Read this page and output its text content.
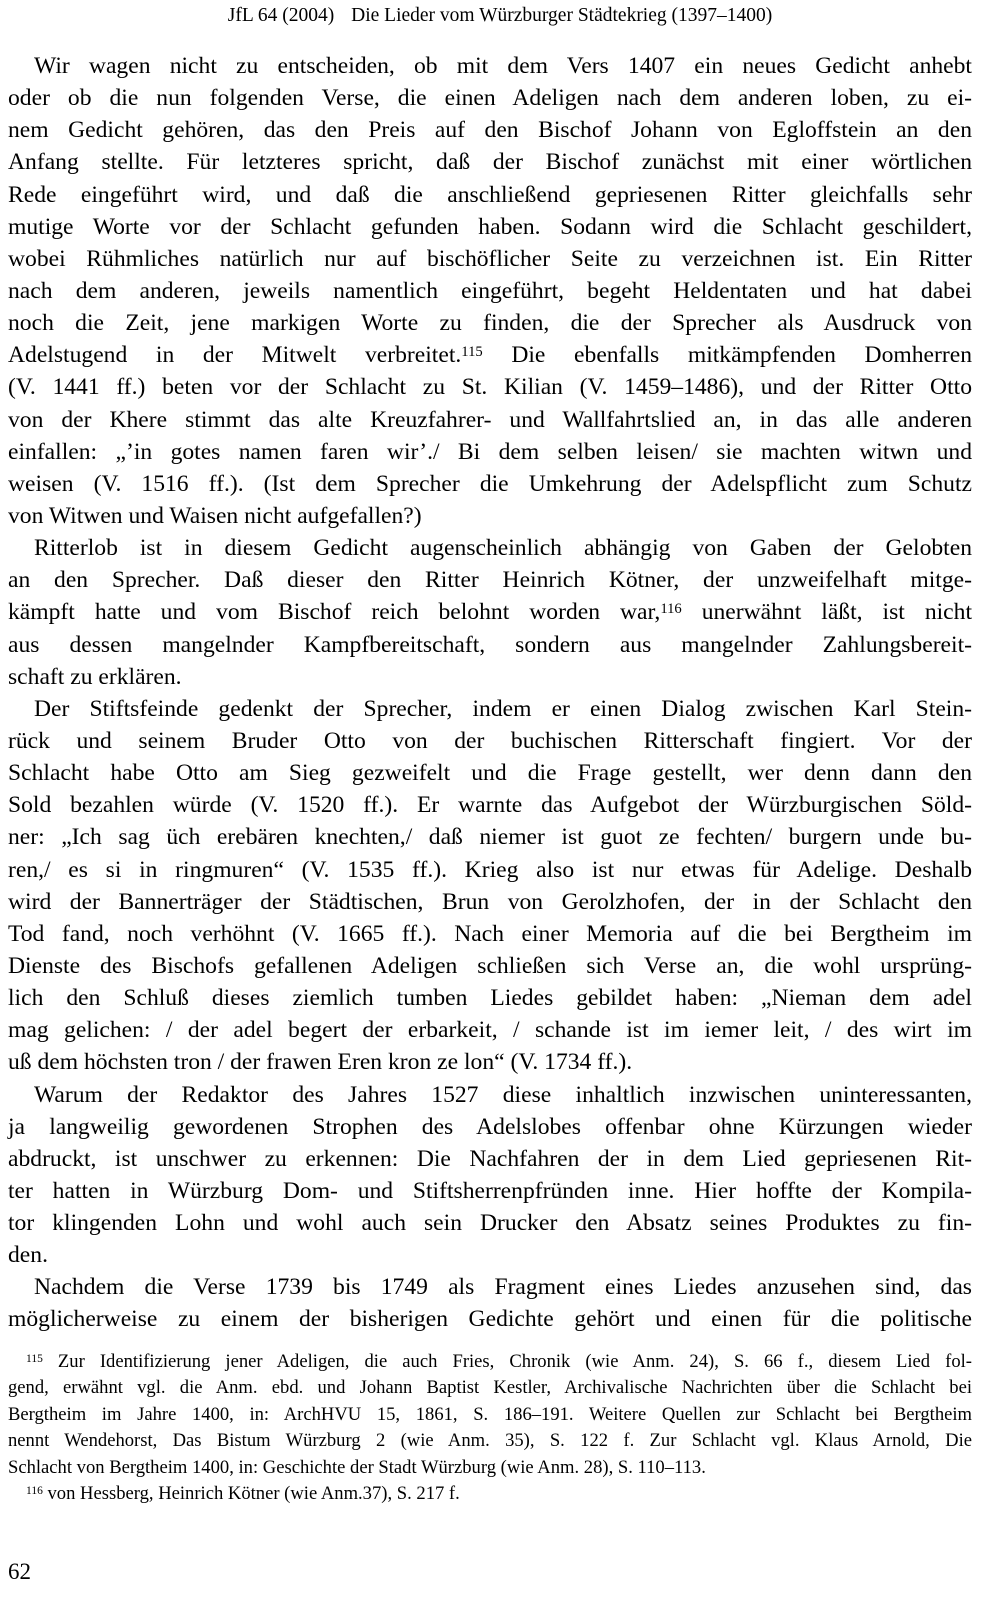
JfL 64 (2004) Die Lieder vom Würzburger Städtekrieg (1397–1400)
Wir wagen nicht zu entscheiden, ob mit dem Vers 1407 ein neues Gedicht anhebt
oder ob die nun folgenden Verse, die einen Adeligen nach dem anderen loben, zu ei-
nem Gedicht gehören, das den Preis auf den Bischof Johann von Egloffstein an den
Anfang stellte. Für letzteres spricht, daß der Bischof zunächst mit einer wörtlichen
Rede eingeführt wird, und daß die anschließend gepriesenen Ritter gleichfalls sehr
mutige Worte vor der Schlacht gefunden haben. Sodann wird die Schlacht geschildert,
wobei Rühmliches natürlich nur auf bischöflicher Seite zu verzeichnen ist. Ein Ritter
nach dem anderen, jeweils namentlich eingeführt, begeht Heldentaten und hat dabei
noch die Zeit, jene markigen Worte zu finden, die der Sprecher als Ausdruck von
Adelstugend in der Mitwelt verbreitet.$^{115}$ Die ebenfalls mitkämpfenden Domherren
(V. 1441 ff.) beten vor der Schlacht zu St. Kilian (V. 1459–1486), und der Ritter Otto
von der Khere stimmt das alte Kreuzfahrer- und Wallfahrtslied an, in das alle anderen
einfallen: „’in gotes namen faren wir’./ Bi dem selben leisen/ sie machten witwn und
weisen (V. 1516 ff.). (Ist dem Sprecher die Umkehrung der Adelspflicht zum Schutz
von Witwen und Waisen nicht aufgefallen?)
Ritterlob ist in diesem Gedicht augenscheinlich abhängig von Gaben der Gelobten
an den Sprecher. Daß dieser den Ritter Heinrich Kötner, der unzweifelhaft mitge-
kämpft hatte und vom Bischof reich belohnt worden war,$^{116}$ unerwähnt läßt, ist nicht
aus dessen mangelnder Kampfbereitschaft, sondern aus mangelnder Zahlungsbereit-
schaft zu erklären.
Der Stiftsfeinde gedenkt der Sprecher, indem er einen Dialog zwischen Karl Stein-
rück und seinem Bruder Otto von der buchischen Ritterschaft fingiert. Vor der
Schlacht habe Otto am Sieg gezweifelt und die Frage gestellt, wer denn dann den
Sold bezahlen würde (V. 1520 ff.). Er warnte das Aufgebot der Würzburgischen Söld-
ner: „Ich sag üch erebären knechten,/ daß niemer ist guot ze fechten/ burgern unde bu-
ren,/ es si in ringmuren“ (V. 1535 ff.). Krieg also ist nur etwas für Adelige. Deshalb
wird der Bannerträger der Städtischen, Brun von Gerolzhofen, der in der Schlacht den
Tod fand, noch verhöhnt (V. 1665 ff.). Nach einer Memoria auf die bei Bergtheim im
Dienste des Bischofs gefallenen Adeligen schließen sich Verse an, die wohl ursprüng-
lich den Schluß dieses ziemlich tumben Liedes gebildet haben: „Nieman dem adel
mag gelichen: / der adel begert der erbarkeit, / schande ist im iemer leit, / des wirt im
uß dem höchsten tron / der frawen Eren kron ze lon“ (V. 1734 ff.).
Warum der Redaktor des Jahres 1527 diese inhaltlich inzwischen uninteressanten,
ja langweilig gewordenen Strophen des Adelslobes offenbar ohne Kürzungen wieder
abdruckt, ist unschwer zu erkennen: Die Nachfahren der in dem Lied gepriesenen Rit-
ter hatten in Würzburg Dom- und Stiftsherrenpfründen inne. Hier hoffte der Kompila-
tor klingenden Lohn und wohl auch sein Drucker den Absatz seines Produktes zu fin-
den.
Nachdem die Verse 1739 bis 1749 als Fragment eines Liedes anzusehen sind, das
möglicherweise zu einem der bisherigen Gedichte gehört und einen für die politische
$^{115}$ Zur Identifizierung jener Adeligen, die auch Fries, Chronik (wie Anm. 24), S. 66 f., diesem Lied fol-
gend, erwähnt vgl. die Anm. ebd. und Johann Baptist Kestler, Archivalische Nachrichten über die Schlacht bei
Bergtheim im Jahre 1400, in: ArchHVU 15, 1861, S. 186–191. Weitere Quellen zur Schlacht bei Bergtheim
nennt Wendehorst, Das Bistum Würzburg 2 (wie Anm. 35), S. 122 f. Zur Schlacht vgl. Klaus Arnold, Die
Schlacht von Bergtheim 1400, in: Geschichte der Stadt Würzburg (wie Anm. 28), S. 110–113.
$^{116}$ von Hessberg, Heinrich Kötner (wie Anm.37), S. 217 f.
62
